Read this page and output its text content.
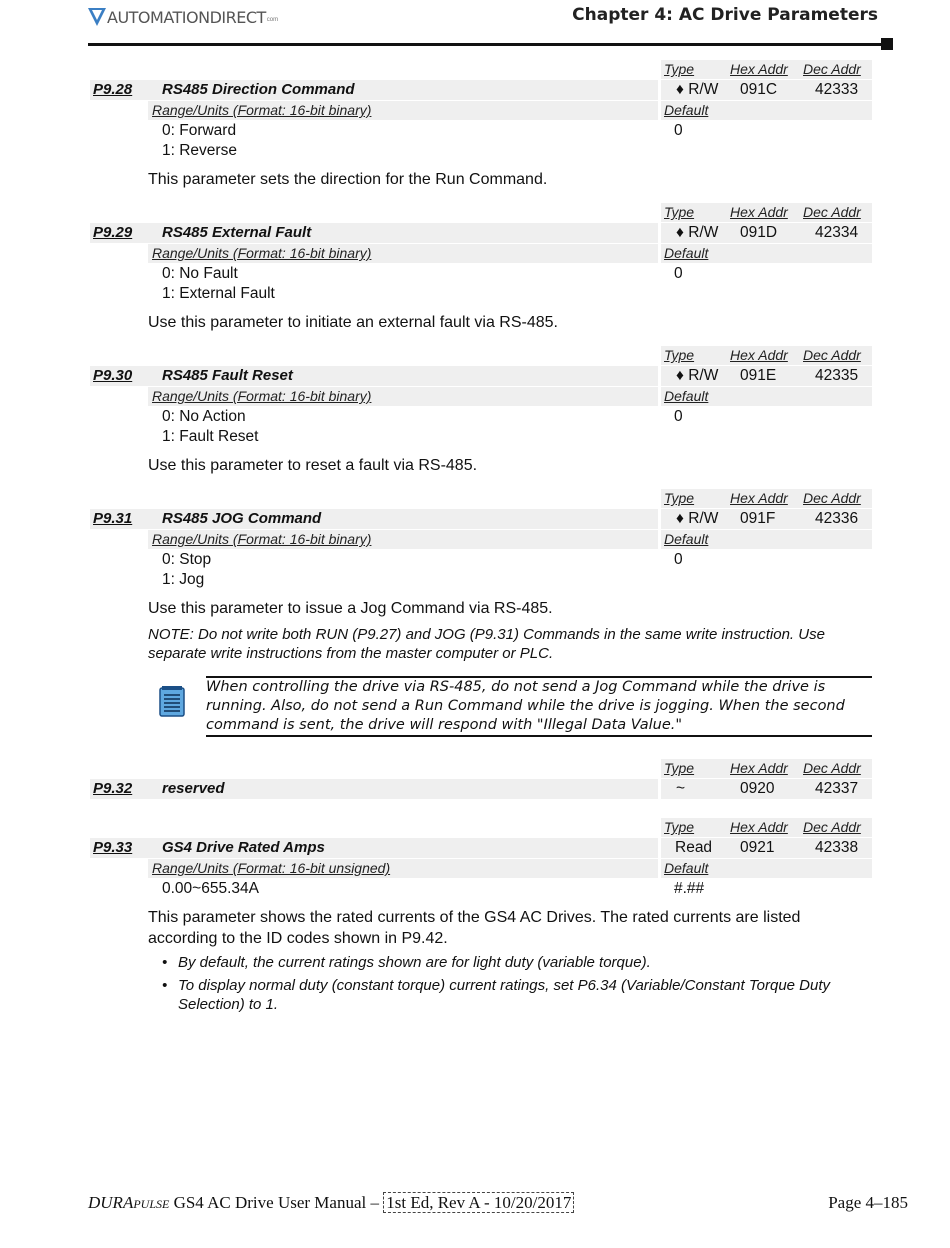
AUTOMATIONDIRECT com	Chapter 4: AC Drive Parameters
Type	Hex Addr Dec Addr
P9.28 RS485 Direction Command	♦ R/W 091C 42333
Range/Units (Format: 16-bit binary)	Default
0: Forward	0
1: Reverse
This parameter sets the direction for the Run Command.
Type	Hex Addr Dec Addr
P9.29 RS485 External Fault	♦ R/W 091D 42334
Range/Units (Format: 16-bit binary)	Default
0: No Fault	0
1: External Fault
Use this parameter to initiate an external fault via RS-485.
Type	Hex Addr Dec Addr
P9.30 RS485 Fault Reset	♦ R/W 091E	42335
Range/Units (Format: 16-bit binary)	Default
0: No Action	0
1: Fault Reset
Use this parameter to reset a fault via RS-485.
Type	Hex Addr Dec Addr
P9.31 RS485 JOG Command	♦ R/W 091F	42336
Range/Units (Format: 16-bit binary)	Default
0: Stop	0
1: Jog
Use this parameter to issue a Jog Command via RS-485.
NOTE: Do not write both RUN (P9.27) and JOG (P9.31) Commands in the same write instruction. Use
separate write instructions from the master computer or PLC.
When controlling the drive via RS-485, do not send a Jog Command while the drive is
running. Also, do not send a Run Command while the drive is jogging. When the second
command is sent, the drive will respond with "Illegal Data Value."
Type	Hex Addr Dec Addr
P9.32 reserved	~	0920	42337
Type	Hex Addr Dec Addr
P9.33 GS4 Drive Rated Amps	Read 0921	42338
Range/Units (Format: 16-bit unsigned)	Default
0.00~655.34A	#.##
This parameter shows the rated currents of the GS4 AC Drives. The rated currents are listed
according to the ID codes shown in P9.42.
• By default, the current ratings shown are for light duty (variable torque).
• To display normal duty (constant torque) current ratings, set P6.34 (Variable/Constant Torque Duty
Selection) to 1.
DURApulse GS4 AC Drive User Manual – 1st Ed, Rev A - 10/20/2017	Page 4–185
